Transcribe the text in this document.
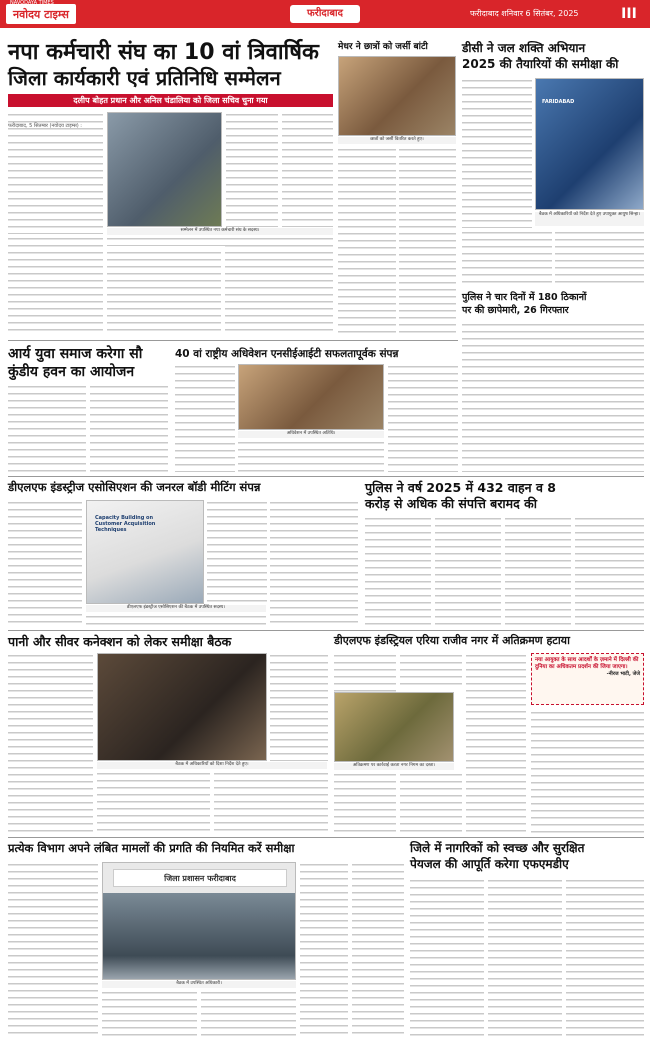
नवोदय टाइम्स
NAVODAYA TIMES
फरीदाबाद	फरीदाबाद शनिवार 6 सितंबर, 2025	III
नपा कर्मचारी संघ का 10 वां त्रिवार्षिक
जिला कार्यकारी एवं प्रतिनिधि सम्मेलन
दलीप बोहत प्रधान और अनिल चंडालिया को जिला सचिव चुना गया
फरीदाबाद, 5 सितम्बर (नवोदय टाइम्स) :
सम्मेलन में उपस्थित नपा कर्मचारी संघ के सदस्य।
मेधर ने छात्रों को जर्सी बांटी
छात्रों को जर्सी वितरित करते हुए।
डीसी ने जल शक्ति अभियान
2025 की तैयारियों की समीक्षा की
FARIDABAD
बैठक में अधिकारियों को निर्देश देते हुए उपायुक्त आयुष सिन्हा।
पुलिस ने चार दिनों में 180 ठिकानों
पर की छापेमारी, 26 गिरफ्तार
आर्य युवा समाज करेगा सौ
कुंडीय हवन का आयोजन
40 वां राष्ट्रीय अधिवेशन एनसीईआईटी सफलतापूर्वक संपन्न
अधिवेशन में उपस्थित अतिथि।
डीएलएफ इंडस्ट्रीज एसोसिएशन की जनरल बॉडी मीटिंग संपन्न
Capacity Building on Customer Acquisition Techniques
डीएलएफ इंडस्ट्रीज एसोसिएशन की बैठक में उपस्थित सदस्य।
पुलिस ने वर्ष 2025 में 432 वाहन व 8
करोड़ से अधिक की संपत्ति बरामद की
पानी और सीवर कनेक्शन को लेकर समीक्षा बैठक
बैठक में अधिकारियों को दिशा निर्देश देते हुए।
डीएलएफ इंडस्ट्रियल एरिया राजीव नगर में अतिक्रमण हटाया
अतिक्रमण पर कार्रवाई करता नगर निगम का दस्ता।
नया आयुक्त के साथ आदर्शों के ज़माने में दिल्ली की दुनिया का अधिकतम प्रदर्शन की जिया जाएगा।
-नीरज भाटी, जेजे
प्रत्येक विभाग अपने लंबित मामलों की प्रगति की नियमित करें समीक्षा
जिला प्रशासन फरीदाबाद
बैठक में उपस्थित अधिकारी।
जिले में नागरिकों को स्वच्छ और सुरक्षित
पेयजल की आपूर्ति करेगा एफएमडीए
